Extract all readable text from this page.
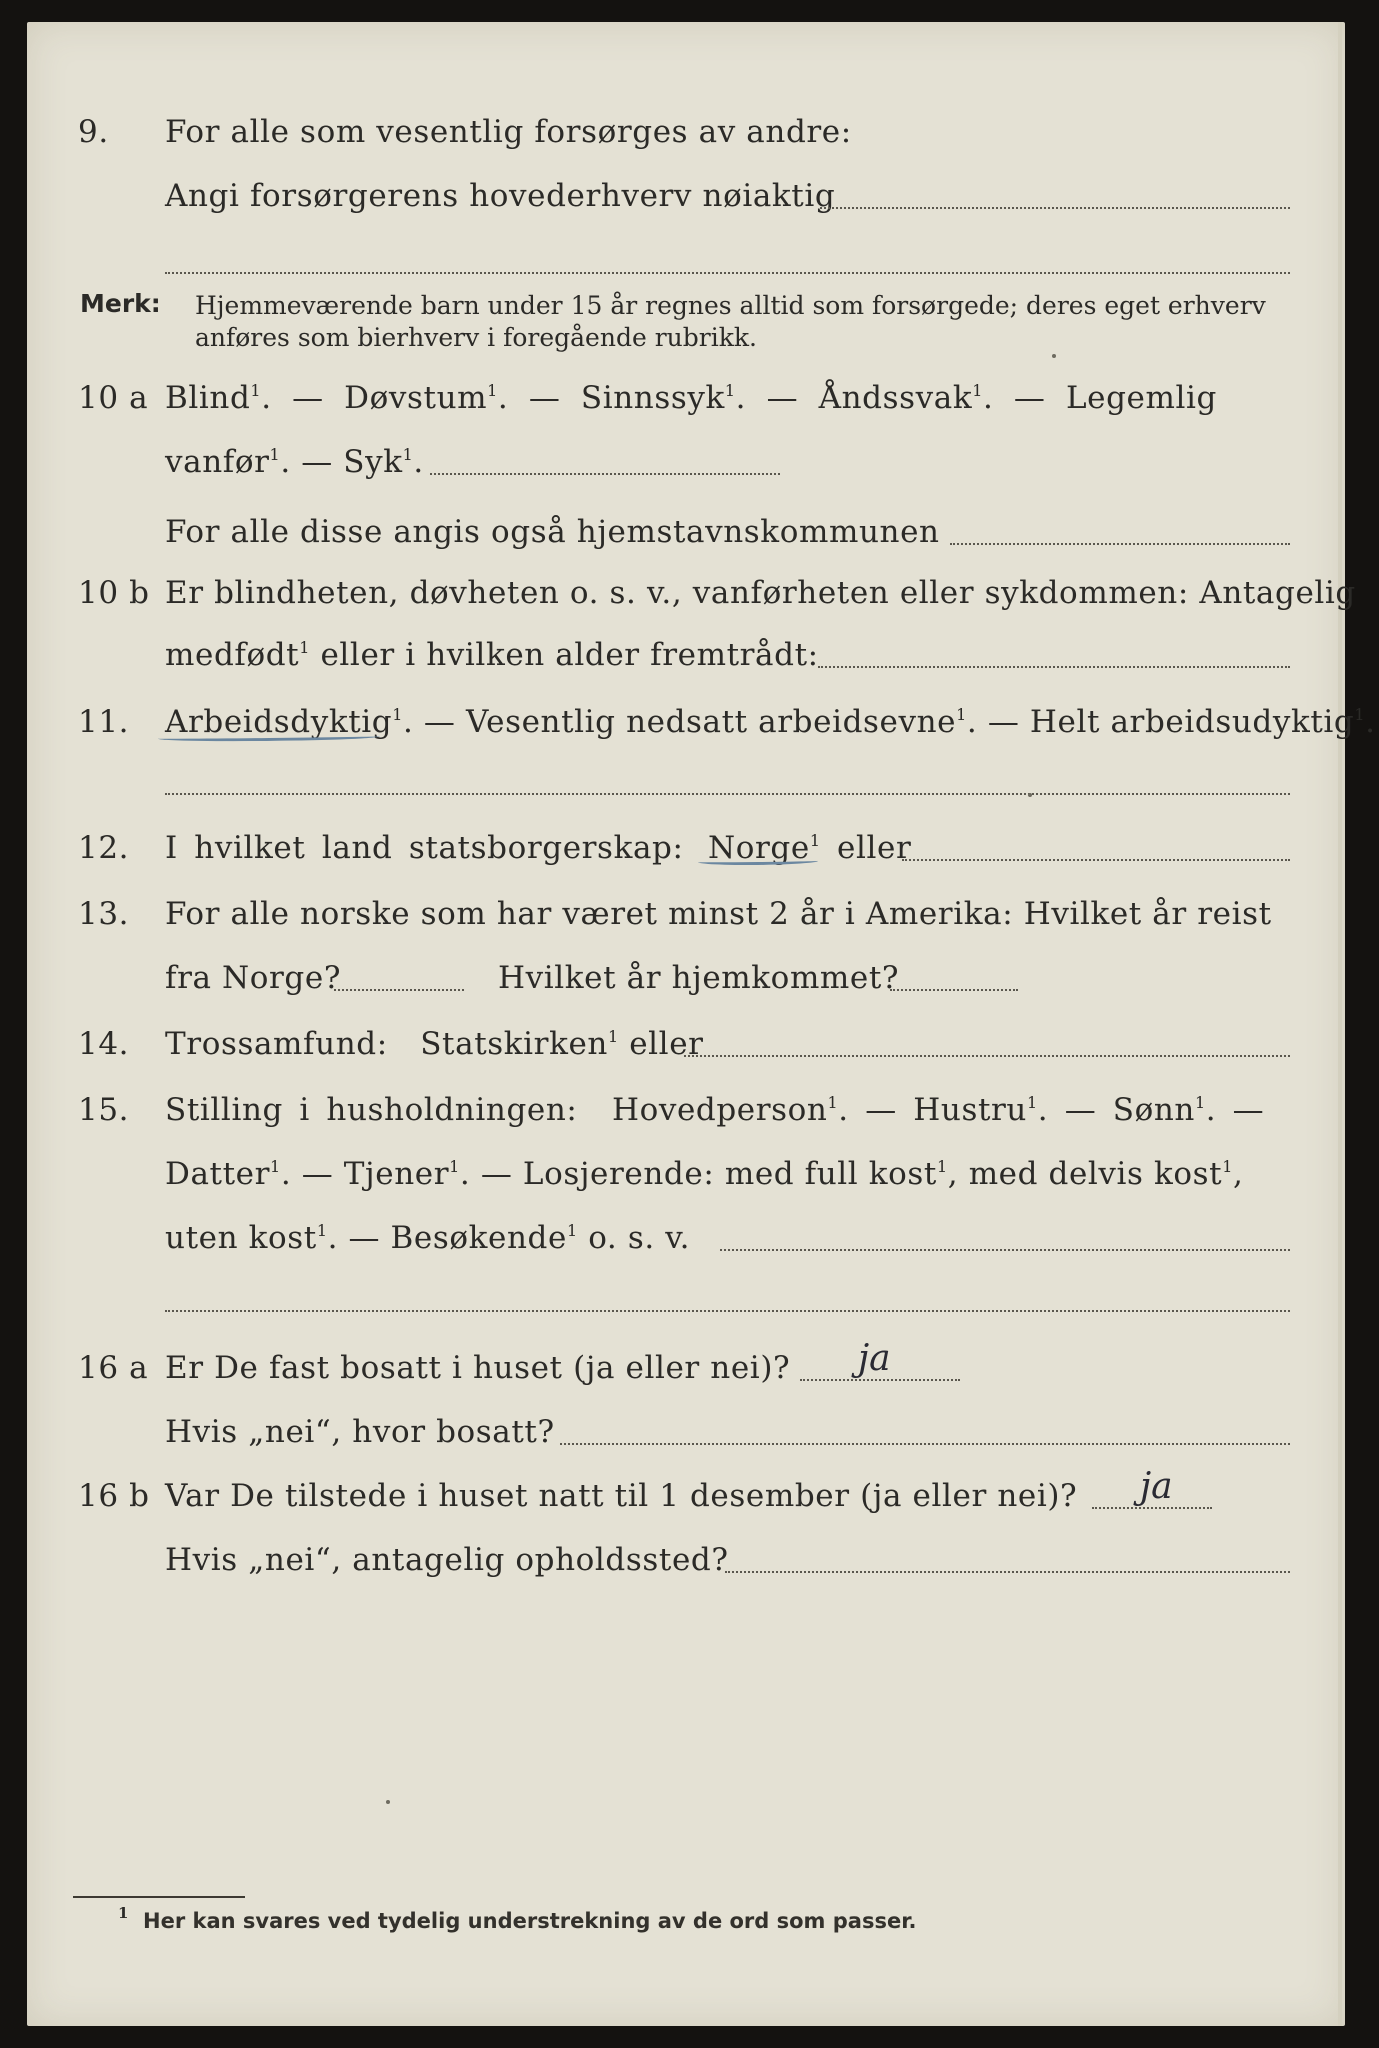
9. For alle som vesentlig forsørges av andre:
Angi forsørgerens hovederhverv nøiaktig
Merk: Hjemmeværende barn under 15 år regnes alltid som forsørgede; deres eget erhverv
anføres som bierhverv i foregående rubrikk.
10 a Blind$^1$. — Døvstum$^1$. — Sinnssyk$^1$. — Åndssvak$^1$. — Legemlig
vanfør$^1$. — Syk$^1$.
For alle disse angis også hjemstavnskommunen
10 b Er blindheten, døvheten o. s. v., vanførheten eller sykdommen: Antagelig
medfødt$^1$ eller i hvilken alder fremtrådt:
11. Arbeidsdyktig$^1$. — Vesentlig nedsatt arbeidsevne$^1$. — Helt arbeidsudyktig$^1$.
12. I hvilket land statsborgerskap: Norge$^1$ eller
13. For alle norske som har været minst 2 år i Amerika: Hvilket år reist
fra Norge?	Hvilket år hjemkommet?
14. Trossamfund: Statskirken$^1$ eller
15. Stilling i husholdningen: Hovedperson$^1$. — Hustru$^1$. — Sønn$^1$. —
Datter$^1$. — Tjener$^1$. — Losjerende: med full kost$^1$, med delvis kost$^1$,
uten kost$^1$. — Besøkende$^1$ o. s. v.
16 a Er De fast bosatt i huset (ja eller nei)? ja
Hvis „nei“, hvor bosatt?
16 b Var De tilstede i huset natt til 1 desember (ja eller nei)? ja
Hvis „nei“, antagelig opholdssted?
1 Her kan svares ved tydelig understrekning av de ord som passer.
